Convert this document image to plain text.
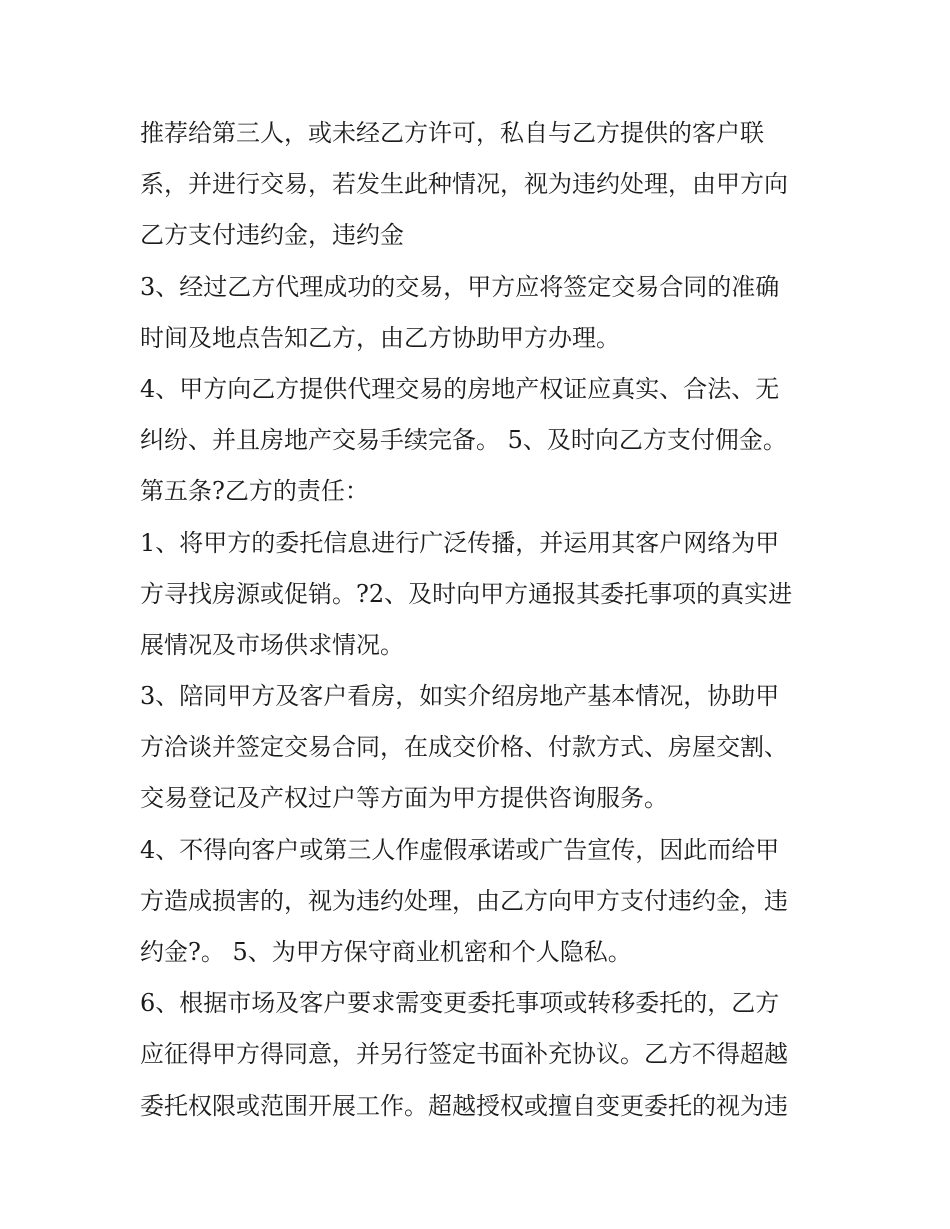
推荐给第三人，或未经乙方许可，私自与乙方提供的客户联
系，并进行交易，若发生此种情况，视为违约处理，由甲方向
乙方支付违约金，违约金
3、经过乙方代理成功的交易，甲方应将签定交易合同的准确
时间及地点告知乙方，由乙方协助甲方办理。
4、甲方向乙方提供代理交易的房地产权证应真实、合法、无
纠纷、并且房地产交易手续完备。 5、及时向乙方支付佣金。
第五条?乙方的责任：
1、将甲方的委托信息进行广泛传播，并运用其客户网络为甲
方寻找房源或促销。?2、及时向甲方通报其委托事项的真实进
展情况及市场供求情况。
3、陪同甲方及客户看房，如实介绍房地产基本情况，协助甲
方洽谈并签定交易合同，在成交价格、付款方式、房屋交割、
交易登记及产权过户等方面为甲方提供咨询服务。
4、不得向客户或第三人作虚假承诺或广告宣传，因此而给甲
方造成损害的，视为违约处理，由乙方向甲方支付违约金，违
约金?。 5、为甲方保守商业机密和个人隐私。
6、根据市场及客户要求需变更委托事项或转移委托的，乙方
应征得甲方得同意，并另行签定书面补充协议。乙方不得超越
委托权限或范围开展工作。超越授权或擅自变更委托的视为违
